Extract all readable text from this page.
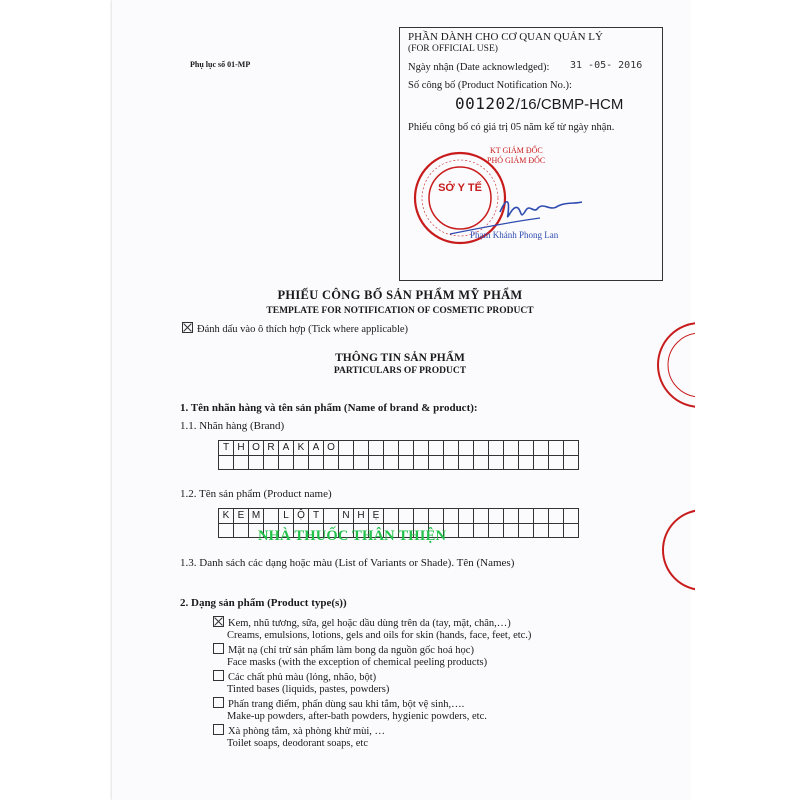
Phụ lục số 01-MP
PHẦN DÀNH CHO CƠ QUAN QUẢN LÝ
(FOR OFFICIAL USE)
Ngày nhận (Date acknowledged): 31 -05- 2016
Số công bố (Product Notification No.):
001202/16/CBMP-HCM
Phiếu công bố có giá trị 05 năm kể từ ngày nhận.
KT GIÁM ĐỐC
PHÓ GIÁM ĐỐC
SỞ Y TẾ
Phạm Khánh Phong Lan
PHIẾU CÔNG BỐ SẢN PHẨM MỸ PHẨM
TEMPLATE FOR NOTIFICATION OF COSMETIC PRODUCT
Đánh dấu vào ô thích hợp (Tick where applicable)
THÔNG TIN SẢN PHẨM
PARTICULARS OF PRODUCT
1. Tên nhãn hàng và tên sản phẩm (Name of brand & product):
1.1. Nhãn hàng (Brand)
T H O R A K A O
1.2. Tên sản phẩm (Product name)
K E M	L Ộ T	N H Ẹ
NHÀ THUỐC THÂN THIỆN
1.3. Danh sách các dạng hoặc màu (List of Variants or Shade). Tên (Names)
2. Dạng sản phẩm (Product type(s))
Kem, nhũ tương, sữa, gel hoặc dầu dùng trên da (tay, mặt, chân,…)
Creams, emulsions, lotions, gels and oils for skin (hands, face, feet, etc.)
Mặt nạ (chỉ trừ sản phẩm làm bong da nguồn gốc hoá học)
Face masks (with the exception of chemical peeling products)
Các chất phủ màu (lỏng, nhão, bột)
Tinted bases (liquids, pastes, powders)
Phấn trang điểm, phấn dùng sau khi tắm, bột vệ sinh,….
Make-up powders, after-bath powders, hygienic powders, etc.
Xà phòng tắm, xà phòng khử mùi, …
Toilet soaps, deodorant soaps, etc
